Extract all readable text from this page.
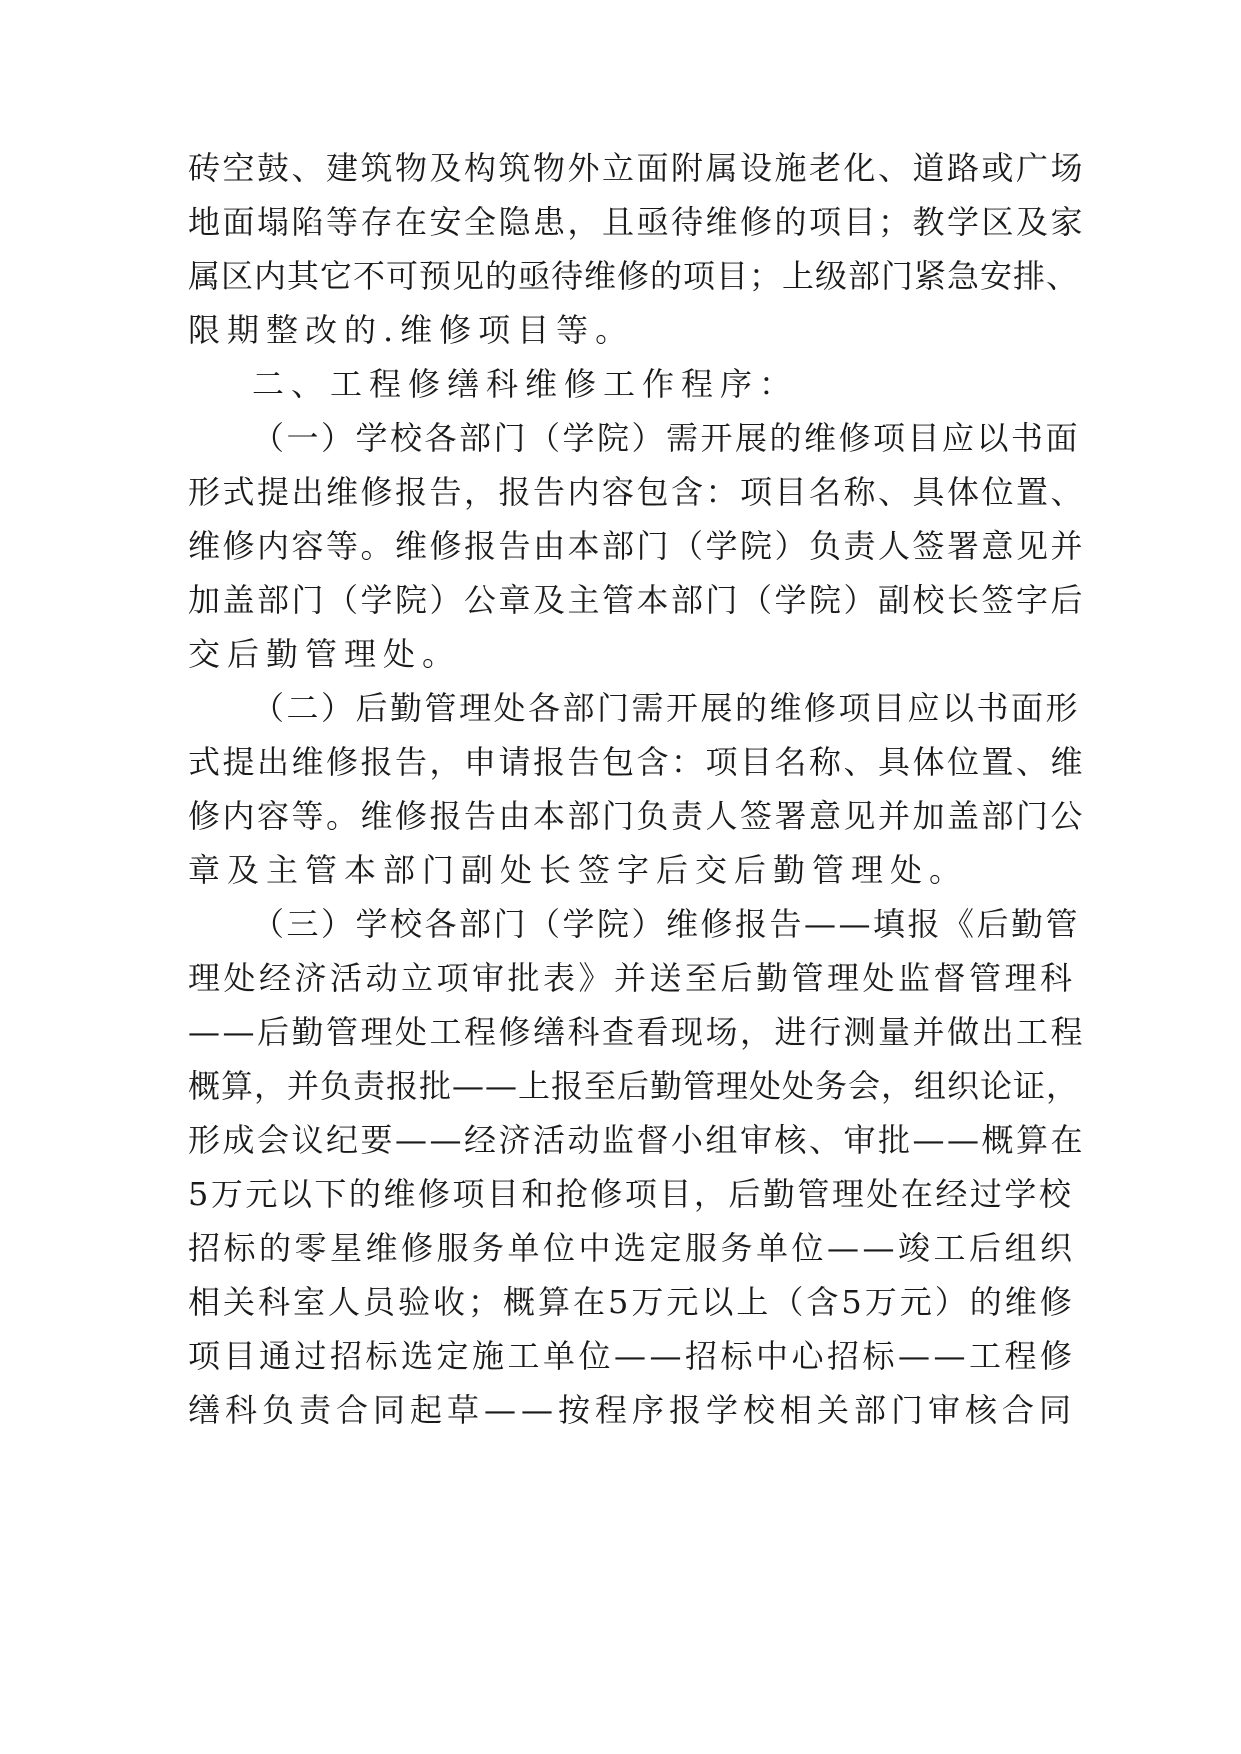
砖空鼓、建筑物及构筑物外立面附属设施老化、道路或广场
地面塌陷等存在安全隐患，且亟待维修的项目；教学区及家
属区内其它不可预见的亟待维修的项目；上级部门紧急安排、
限期整改的.维修项目等。
二、工程修缮科维修工作程序：
（一）学校各部门（学院）需开展的维修项目应以书面
形式提出维修报告，报告内容包含：项目名称、具体位置、
维修内容等。维修报告由本部门（学院）负责人签署意见并
加盖部门（学院）公章及主管本部门（学院）副校长签字后
交后勤管理处。
（二）后勤管理处各部门需开展的维修项目应以书面形
式提出维修报告，申请报告包含：项目名称、具体位置、维
修内容等。维修报告由本部门负责人签署意见并加盖部门公
章及主管本部门副处长签字后交后勤管理处。
（三）学校各部门（学院）维修报告——填报《后勤管
理处经济活动立项审批表》并送至后勤管理处监督管理科
——后勤管理处工程修缮科查看现场，进行测量并做出工程
概算，并负责报批——上报至后勤管理处处务会，组织论证，
形成会议纪要——经济活动监督小组审核、审批——概算在
5万元以下的维修项目和抢修项目，后勤管理处在经过学校
招标的零星维修服务单位中选定服务单位——竣工后组织
相关科室人员验收；概算在5万元以上（含5万元）的维修
项目通过招标选定施工单位——招标中心招标——工程修
缮科负责合同起草——按程序报学校相关部门审核合同
